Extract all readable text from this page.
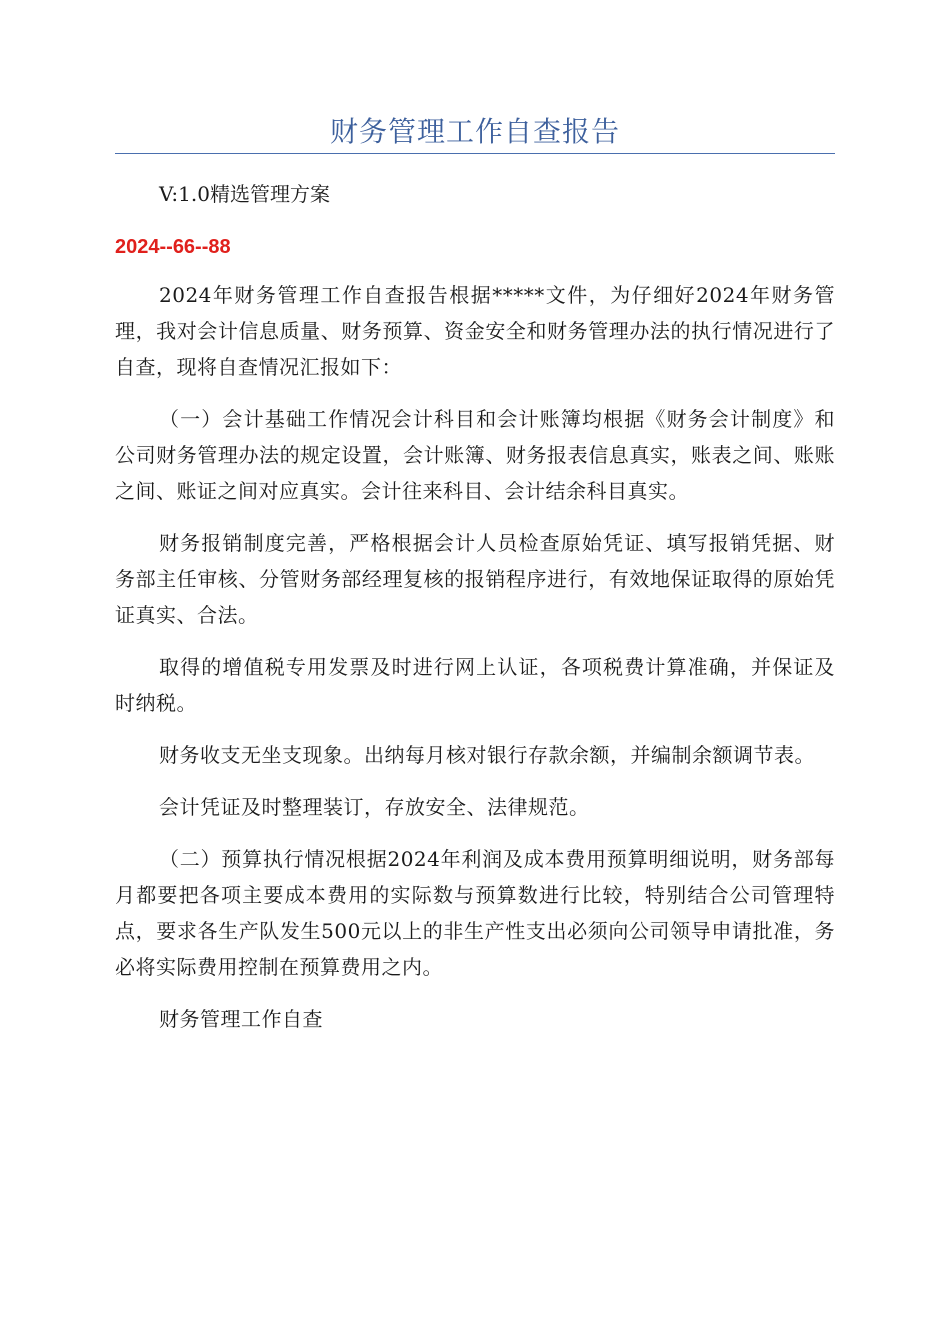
财务管理工作自查报告
V:1.0精选管理方案
2024--66--88

2024年财务管理工作自查报告根据*****文件，为仔细好2024年财务管理，我对会计信息质量、财务预算、资金安全和财务管理办法的执行情况进行了自查，现将自查情况汇报如下：

（一）会计基础工作情况会计科目和会计账簿均根据《财务会计制度》和公司财务管理办法的规定设置，会计账簿、财务报表信息真实，账表之间、账账之间、账证之间对应真实。会计往来科目、会计结余科目真实。

财务报销制度完善，严格根据会计人员检查原始凭证、填写报销凭据、财务部主任审核、分管财务部经理复核的报销程序进行，有效地保证取得的原始凭证真实、合法。

取得的增值税专用发票及时进行网上认证，各项税费计算准确，并保证及时纳税。

财务收支无坐支现象。出纳每月核对银行存款余额，并编制余额调节表。

会计凭证及时整理装订，存放安全、法律规范。

（二）预算执行情况根据2024年利润及成本费用预算明细说明，财务部每月都要把各项主要成本费用的实际数与预算数进行比较，特别结合公司管理特点，要求各生产队发生500元以上的非生产性支出必须向公司领导申请批准，务必将实际费用控制在预算费用之内。

财务管理工作自查
